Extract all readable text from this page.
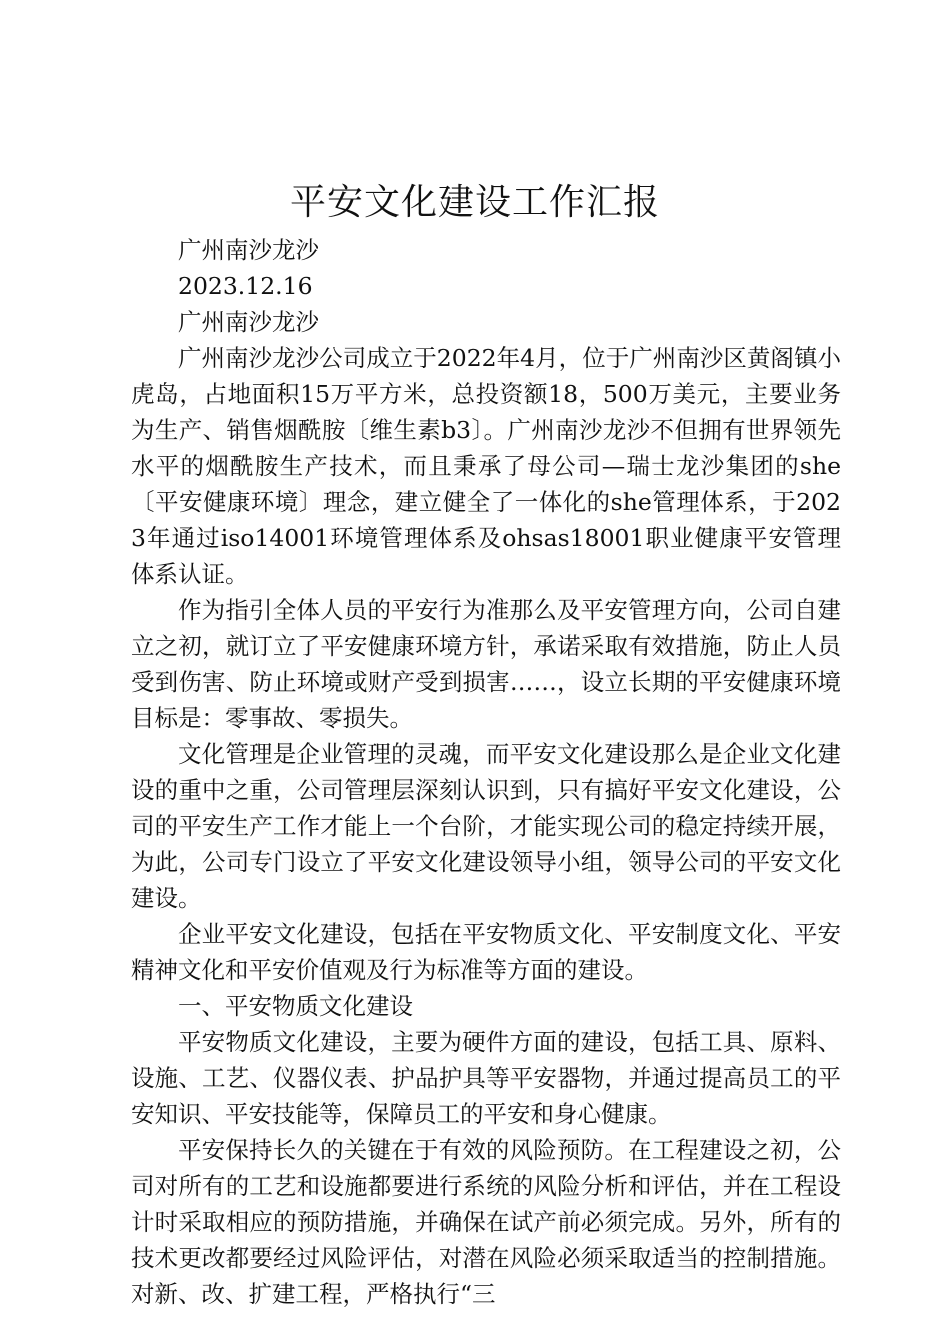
平安文化建设工作汇报

广州南沙龙沙

2023.12.16

广州南沙龙沙

广州南沙龙沙公司成立于2022年4月，位于广州南沙区黄阁镇小虎岛，占地面积15万平方米，总投资额18，500万美元，主要业务为生产、销售烟酰胺〔维生素b3〕。广州南沙龙沙不但拥有世界领先水平的烟酰胺生产技术，而且秉承了母公司—瑞士龙沙集团的she〔平安健康环境〕理念，建立健全了一体化的she管理体系，于2023年通过iso14001环境管理体系及ohsas18001职业健康平安管理体系认证。

作为指引全体人员的平安行为准那么及平安管理方向，公司自建立之初，就订立了平安健康环境方针，承诺采取有效措施，防止人员受到伤害、防止环境或财产受到损害……，设立长期的平安健康环境目标是：零事故、零损失。

文化管理是企业管理的灵魂，而平安文化建设那么是企业文化建设的重中之重，公司管理层深刻认识到，只有搞好平安文化建设，公司的平安生产工作才能上一个台阶，才能实现公司的稳定持续开展，为此，公司专门设立了平安文化建设领导小组，领导公司的平安文化建设。

企业平安文化建设，包括在平安物质文化、平安制度文化、平安精神文化和平安价值观及行为标准等方面的建设。

一、平安物质文化建设

平安物质文化建设，主要为硬件方面的建设，包括工具、原料、设施、工艺、仪器仪表、护品护具等平安器物，并通过提高员工的平安知识、平安技能等，保障员工的平安和身心健康。

平安保持长久的关键在于有效的风险预防。在工程建设之初，公司对所有的工艺和设施都要进行系统的风险分析和评估，并在工程设计时采取相应的预防措施，并确保在试产前必须完成。另外，所有的技术更改都要经过风险评估，对潜在风险必须采取适当的控制措施。对新、改、扩建工程，严格执行“三
